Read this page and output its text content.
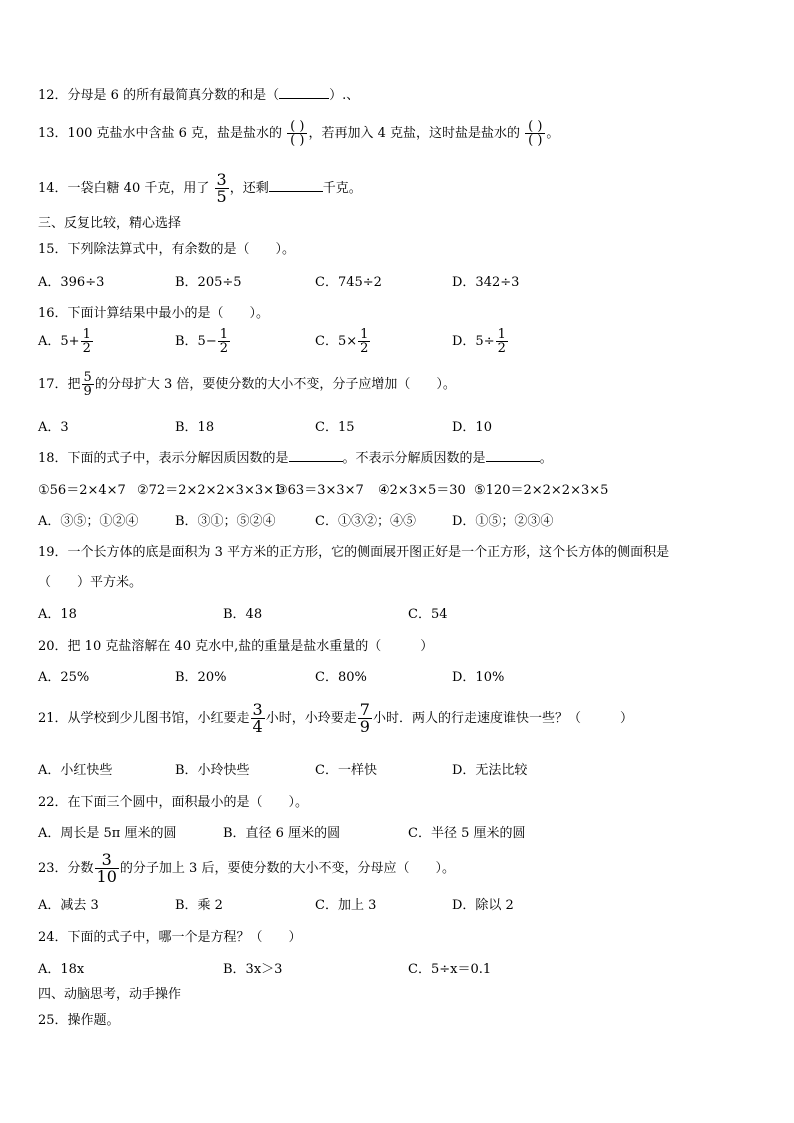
12．分母是 6 的所有最简真分数的和是（	）.、
13．100 克盐水中含盐 6 克，盐是盐水的 $\frac{( )}{( )}$ ，若再加入 4 克盐，这时盐是盐水的 $\frac{( )}{( )}$ 。
14．一袋白糖 40 千克，用了 $\frac{3}{5}$ ，还剩	千克。
三、反复比较，精心选择
15．下列除法算式中，有余数的是（　　）。
A．396÷3	B．205÷5	C．745÷2	D．342÷3
16．下面计算结果中最小的是（　　）。
A．$5+ \frac{1}{2}$	B．$5- \frac{1}{2}$	C．$5\times \frac{1}{2}$	D．$5\div \frac{1}{2}$
17．把 $\frac{5}{9}$ 的分母扩大 3 倍，要使分数的大小不变，分子应增加（　　）。
A．3	B．18	C．15	D．10
18．下面的式子中，表示分解因质因数的是	。不表示分解质因数的是	。
①56＝2×4×7 ②72＝2×2×2×3×3×1
③63＝3×3×7 ④2×3×5＝30 ⑤120＝2×2×2×3×5
A．③⑤；①②④	B．③①；⑤②④	C．①③②；④⑤	D．①⑤；②③④
19．一个长方体的底是面积为 3 平方米的正方形，它的侧面展开图正好是一个正方形，这个长方体的侧面积是
（　　）平方米。
A．18	B．48	C．54
20．把 10 克盐溶解在 40 克水中,盐的重量是盐水重量的（　　　）
A．25%	B．20%	C．80%	D．10%
21．从学校到少儿图书馆，小红要走 $\frac{3}{4}$ 小时，小玲要走 $\frac{7}{9}$ 小时．两人的行走速度谁快一些？（　　　）
A．小红快些	B．小玲快些	C．一样快	D．无法比较
22．在下面三个圆中，面积最小的是（　　）。
A．周长是 5π 厘米的圆	B．直径 6 厘米的圆	C．半径 5 厘米的圆
23．分数 $\frac{3}{10}$ 的分子加上 3 后，要使分数的大小不变，分母应（　　）。
A．减去 3	B．乘 2	C．加上 3	D．除以 2
24．下面的式子中，哪一个是方程？（　　）
A．18x	B．3x＞3	C．5÷x＝0.1
四、动脑思考，动手操作
25．操作题。
